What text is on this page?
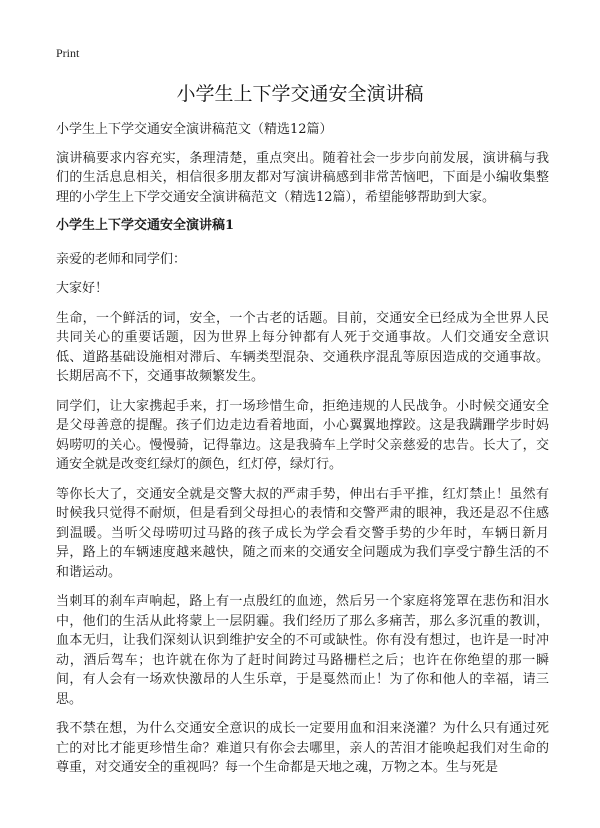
Print
小学生上下学交通安全演讲稿

小学生上下学交通安全演讲稿范文（精选12篇）

演讲稿要求内容充实，条理清楚，重点突出。随着社会一步步向前发展，演讲稿与我们的生活息息相关，相信很多朋友都对写演讲稿感到非常苦恼吧，下面是小编收集整理的小学生上下学交通安全演讲稿范文（精选12篇），希望能够帮助到大家。

小学生上下学交通安全演讲稿1

亲爱的老师和同学们：

大家好！

生命，一个鲜活的词，安全，一个古老的话题。目前，交通安全已经成为全世界人民共同关心的重要话题，因为世界上每分钟都有人死于交通事故。人们交通安全意识低、道路基础设施相对滞后、车辆类型混杂、交通秩序混乱等原因造成的交通事故。长期居高不下，交通事故频繁发生。

同学们，让大家携起手来，打一场珍惜生命，拒绝违规的人民战争。小时候交通安全是父母善意的提醒。孩子们边走边看着地面，小心翼翼地撑跤。这是我蹒跚学步时妈妈唠叨的关心。慢慢骑，记得靠边。这是我骑车上学时父亲慈爱的忠告。长大了，交通安全就是改变红绿灯的颜色，红灯停，绿灯行。

等你长大了，交通安全就是交警大叔的严肃手势，伸出右手平推，红灯禁止！虽然有时候我只觉得不耐烦，但是看到父母担心的表情和交警严肃的眼神，我还是忍不住感到温暖。当听父母唠叨过马路的孩子成长为学会看交警手势的少年时，车辆日新月异，路上的车辆速度越来越快，随之而来的交通安全问题成为我们享受宁静生活的不和谐运动。

当刺耳的刹车声响起，路上有一点殷红的血迹，然后另一个家庭将笼罩在悲伤和泪水中，他们的生活从此将蒙上一层阴霾。我们经历了那么多痛苦，那么多沉重的教训，血本无归，让我们深刻认识到维护安全的不可或缺性。你有没有想过，也许是一时冲动，酒后驾车；也许就在你为了赶时间跨过马路栅栏之后；也许在你绝望的那一瞬间，有人会有一场欢快激昂的人生乐章，于是戛然而止！为了你和他人的幸福，请三思。

我不禁在想，为什么交通安全意识的成长一定要用血和泪来浇灌？为什么只有通过死亡的对比才能更珍惜生命？难道只有你会去哪里，亲人的苦泪才能唤起我们对生命的尊重，对交通安全的重视吗？每一个生命都是天地之魂，万物之本。生与死是
